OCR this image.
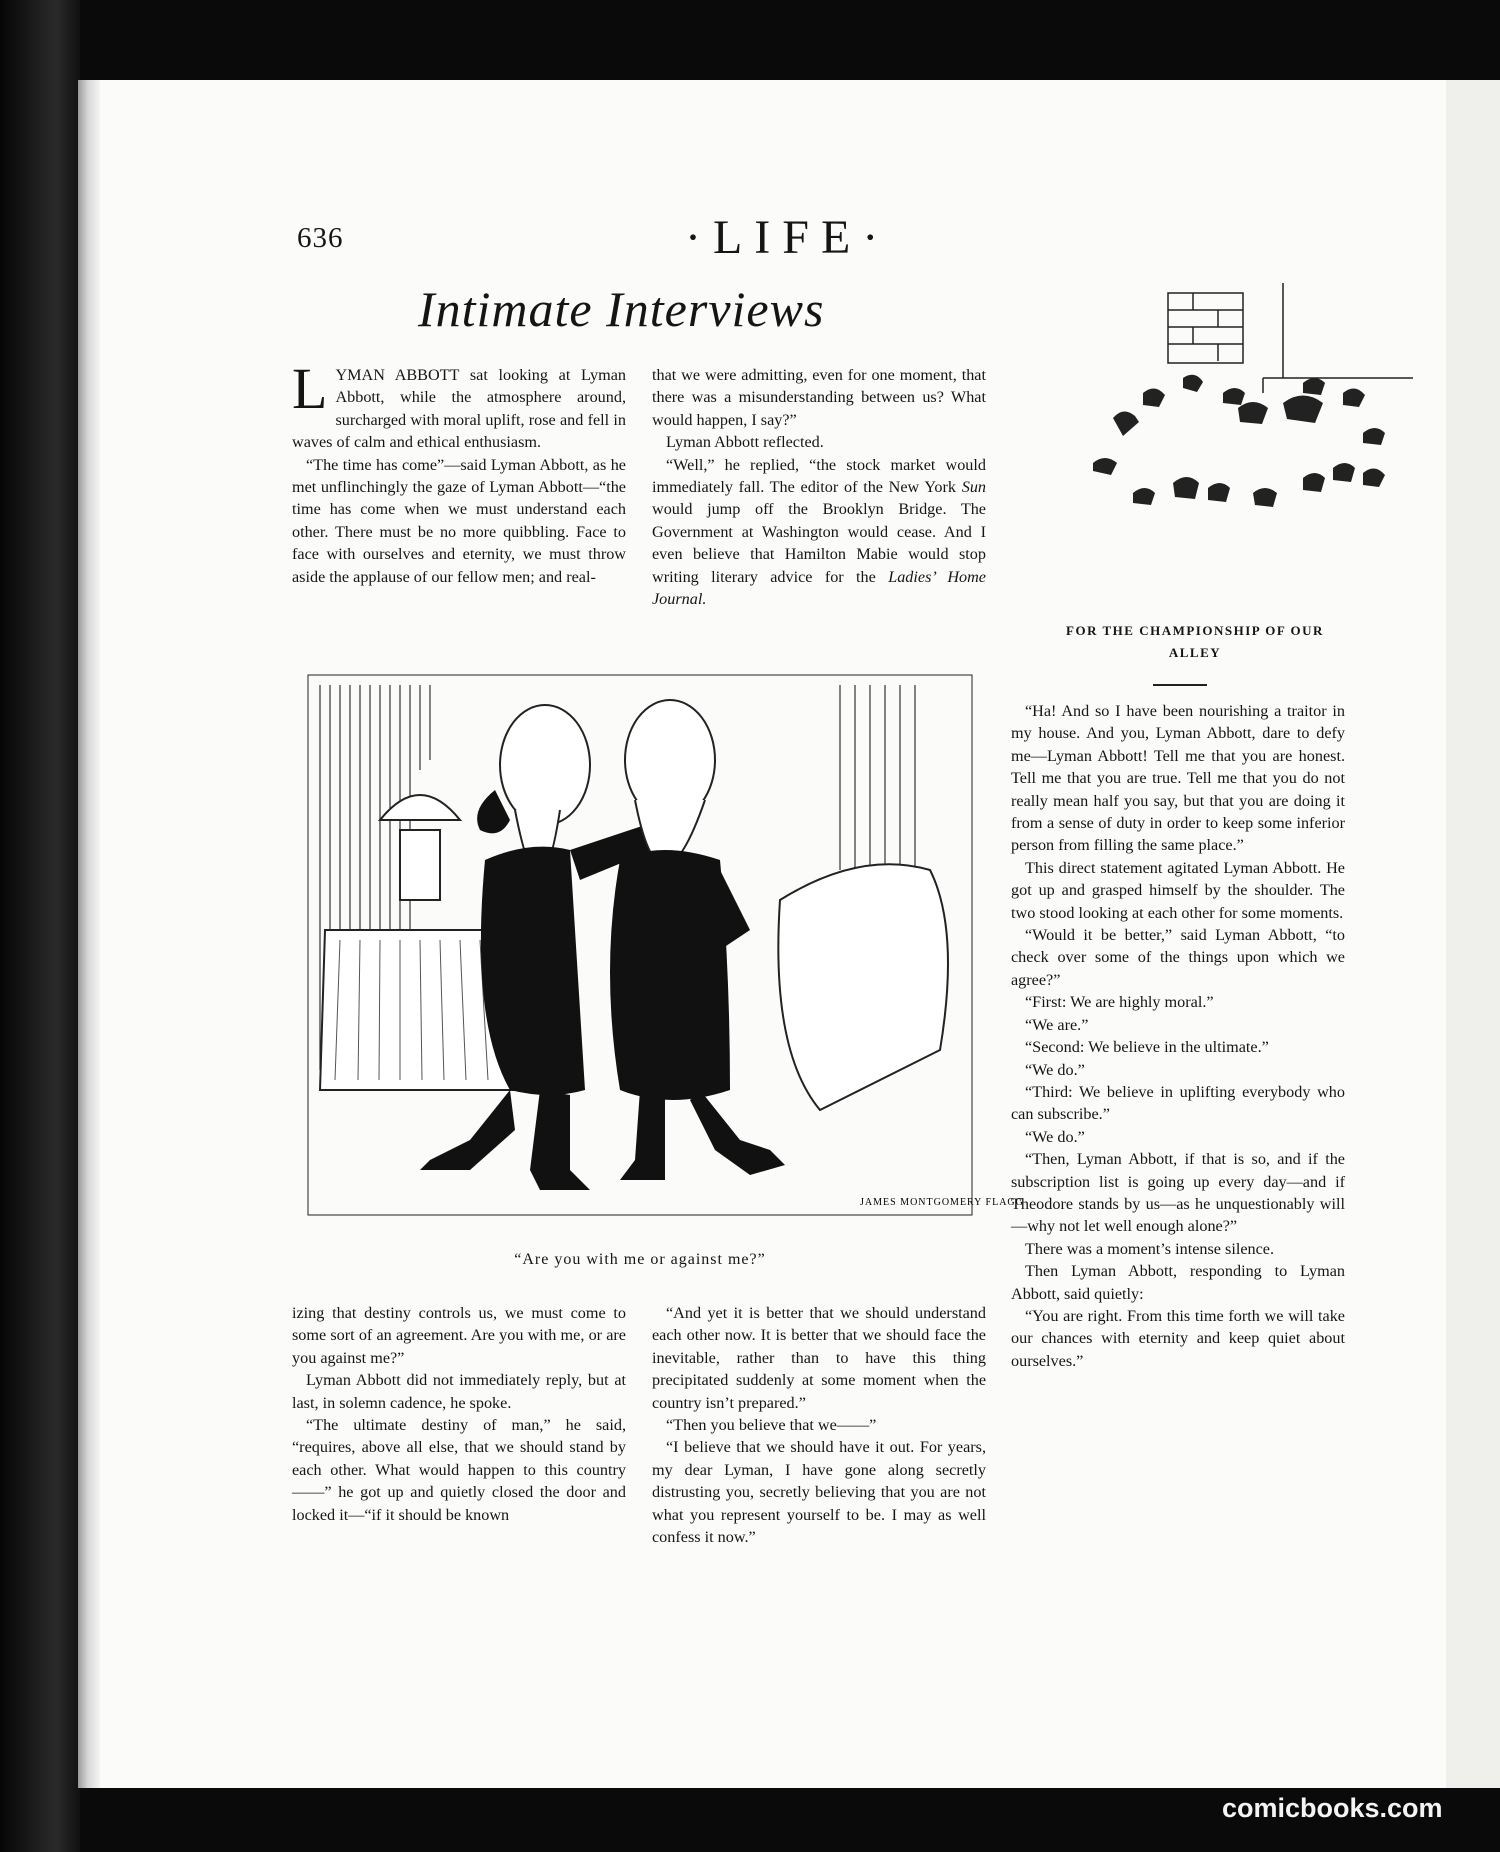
636	·LIFE·
Intimate Interviews

LYMAN ABBOTT sat looking at Lyman Abbott, while the atmosphere around, surcharged with moral uplift, rose and fell in waves of calm and ethical enthusiasm.

“The time has come”—said Lyman Abbott, as he met unflinchingly the gaze of Lyman Abbott—“the time has come when we must understand each other. There must be no more quibbling. Face to face with ourselves and eternity, we must throw aside the applause of our fellow men; and real-

that we were admitting, even for one moment, that there was a misunderstanding between us? What would happen, I say?”

Lyman Abbott reflected.

“Well,” he replied, “the stock market would immediately fall. The editor of the New York Sun would jump off the Brooklyn Bridge. The Government at Washington would cease. And I even believe that Hamilton Mabie would stop writing literary advice for the Ladies’ Home Journal.

JAMES MONTGOMERY FLAGG
“Are you with me or against me?”

izing that destiny controls us, we must come to some sort of an agreement. Are you with me, or are you against me?”

Lyman Abbott did not immediately reply, but at last, in solemn cadence, he spoke.

“The ultimate destiny of man,” he said, “requires, above all else, that we should stand by each other. What would happen to this country——” he got up and quietly closed the door and locked it—“if it should be known

“And yet it is better that we should understand each other now. It is better that we should face the inevitable, rather than to have this thing precipitated suddenly at some moment when the country isn’t prepared.”

“Then you believe that we——”

“I believe that we should have it out. For years, my dear Lyman, I have gone along secretly distrusting you, secretly believing that you are not what you represent yourself to be. I may as well confess it now.”

FOR THE CHAMPIONSHIP OF OUR
ALLEY

“Ha! And so I have been nourishing a traitor in my house. And you, Lyman Abbott, dare to defy me—Lyman Abbott! Tell me that you are honest. Tell me that you are true. Tell me that you do not really mean half you say, but that you are doing it from a sense of duty in order to keep some inferior person from filling the same place.”

This direct statement agitated Lyman Abbott. He got up and grasped himself by the shoulder. The two stood looking at each other for some moments.

“Would it be better,” said Lyman Abbott, “to check over some of the things upon which we agree?”

“First: We are highly moral.”

“We are.”

“Second: We believe in the ultimate.”

“We do.”

“Third: We believe in uplifting everybody who can subscribe.”

“We do.”

“Then, Lyman Abbott, if that is so, and if the subscription list is going up every day—and if Theodore stands by us—as he unquestionably will—why not let well enough alone?”

There was a moment’s intense silence.

Then Lyman Abbott, responding to Lyman Abbott, said quietly:

“You are right. From this time forth we will take our chances with eternity and keep quiet about ourselves.”

comicbooks.com
